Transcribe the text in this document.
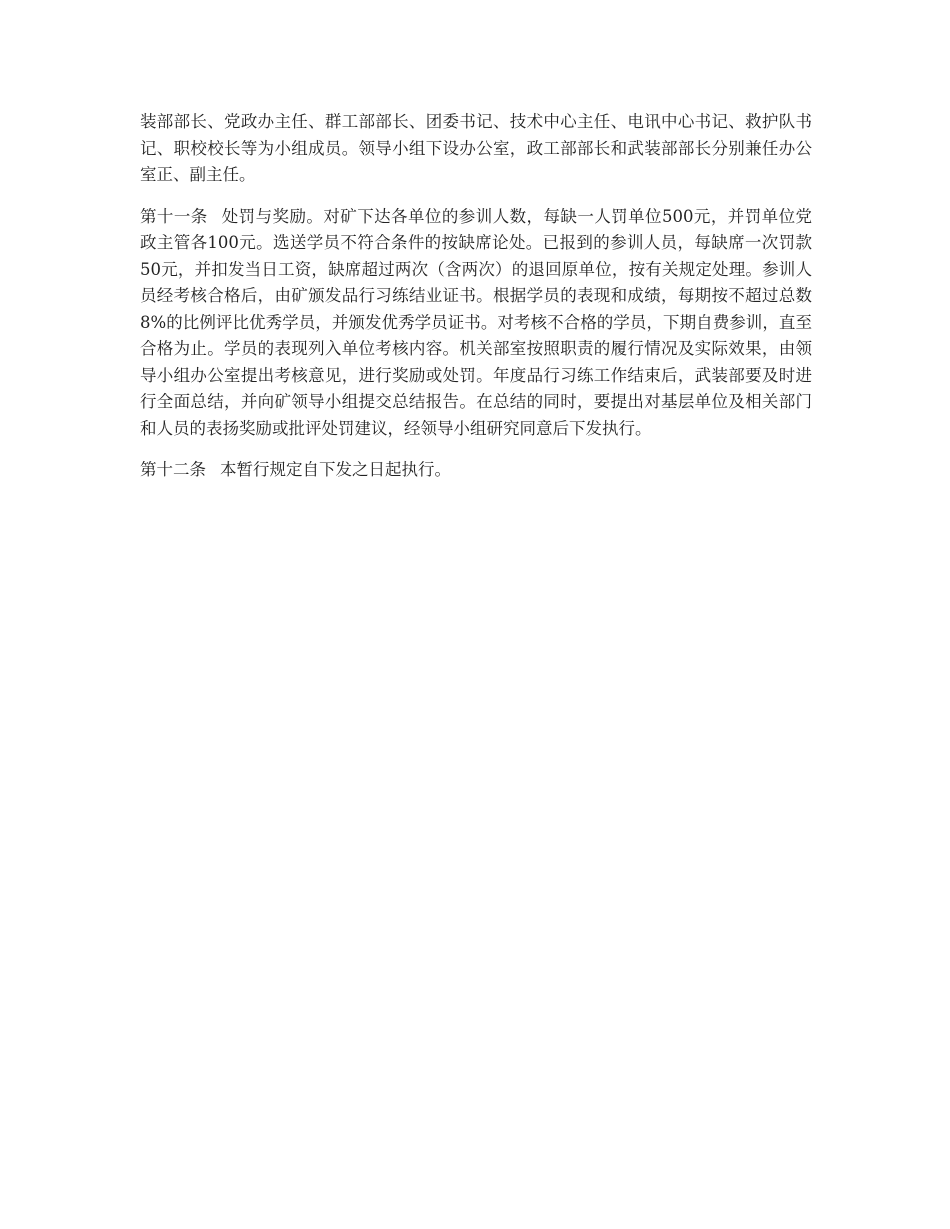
装部部长、党政办主任、群工部部长、团委书记、技术中心主任、电讯中心书记、救护队书记、职校校长等为小组成员。领导小组下设办公室，政工部部长和武装部部长分别兼任办公室正、副主任。

第十一条 处罚与奖励。对矿下达各单位的参训人数，每缺一人罚单位500元，并罚单位党政主管各100元。选送学员不符合条件的按缺席论处。已报到的参训人员，每缺席一次罚款50元，并扣发当日工资，缺席超过两次（含两次）的退回原单位，按有关规定处理。参训人员经考核合格后，由矿颁发品行习练结业证书。根据学员的表现和成绩，每期按不超过总数8%的比例评比优秀学员，并颁发优秀学员证书。对考核不合格的学员，下期自费参训，直至合格为止。学员的表现列入单位考核内容。机关部室按照职责的履行情况及实际效果，由领导小组办公室提出考核意见，进行奖励或处罚。年度品行习练工作结束后，武装部要及时进行全面总结，并向矿领导小组提交总结报告。在总结的同时，要提出对基层单位及相关部门和人员的表扬奖励或批评处罚建议，经领导小组研究同意后下发执行。

第十二条 本暂行规定自下发之日起执行。
